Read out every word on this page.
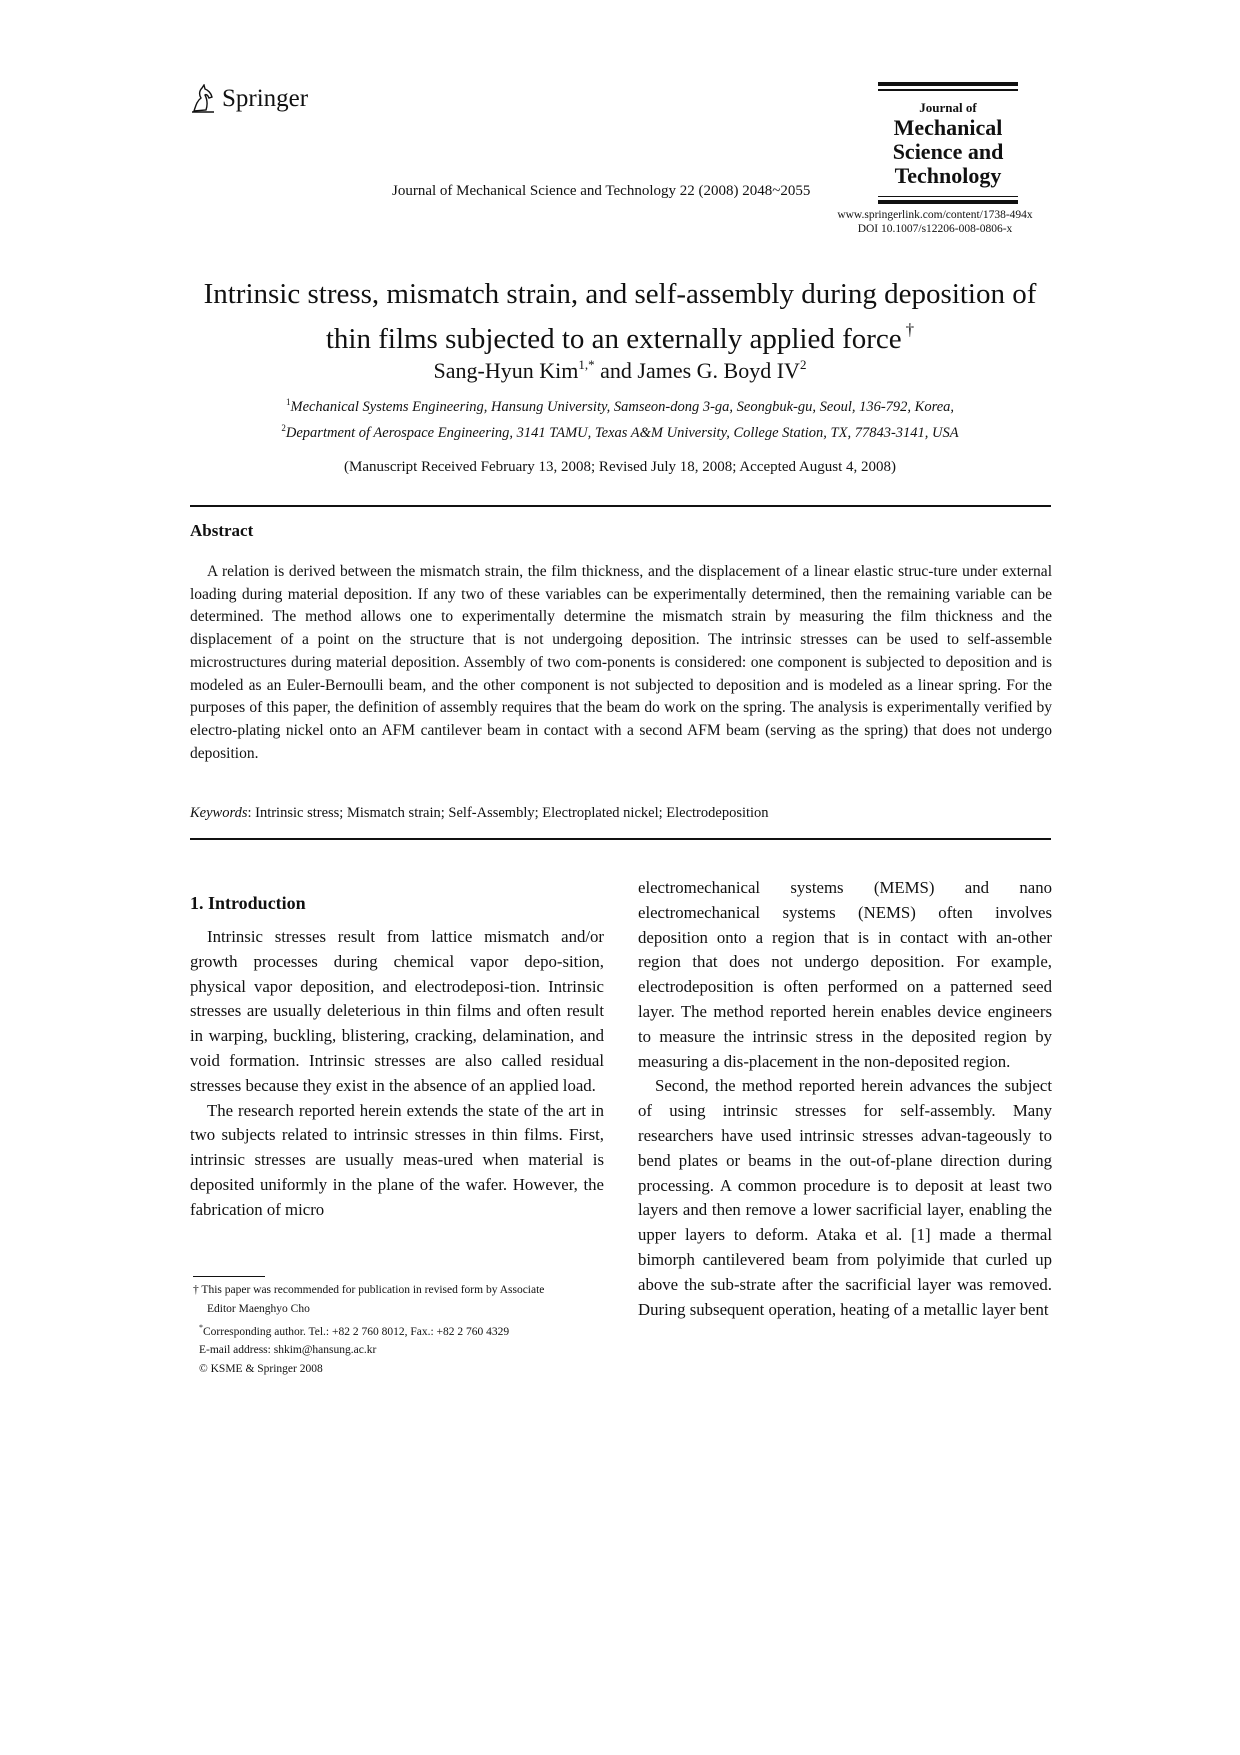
Springer	Journal of
Mechanical
Science and
Technology
Journal of Mechanical Science and Technology 22 (2008) 2048~2055
www.springerlink.com/content/1738-494x
DOI 10.1007/s12206-008-0806-x
Intrinsic stress, mismatch strain, and self-assembly during deposition of
thin films subjected to an externally applied force †
Sang-Hyun Kim$^{1,*}$ and James G. Boyd $IV^2$
$^1$Mechanical Systems Engineering, Hansung University, Samseon-dong 3-ga, Seongbuk-gu, Seoul, 136-792, Korea,
$^2$Department of Aerospace Engineering, 3141 TAMU, Texas A&M University, College Station, TX, 77843-3141, USA
(Manuscript Received February 13, 2008; Revised July 18, 2008; Accepted August 4, 2008)
Abstract

A relation is derived between the mismatch strain, the film thickness, and the displacement of a linear elastic struc-ture under external loading during material deposition. If any two of these variables can be experimentally determined, then the remaining variable can be determined. The method allows one to experimentally determine the mismatch strain by measuring the film thickness and the displacement of a point on the structure that is not undergoing deposition. The intrinsic stresses can be used to self-assemble microstructures during material deposition. Assembly of two com-ponents is considered: one component is subjected to deposition and is modeled as an Euler-Bernoulli beam, and the other component is not subjected to deposition and is modeled as a linear spring. For the purposes of this paper, the definition of assembly requires that the beam do work on the spring. The analysis is experimentally verified by electro-plating nickel onto an AFM cantilever beam in contact with a second AFM beam (serving as the spring) that does not undergo deposition.

Keywords: Intrinsic stress; Mismatch strain; Self-Assembly; Electroplated nickel; Electrodeposition
1. Introduction

Intrinsic stresses result from lattice mismatch and/or growth processes during chemical vapor depo-sition, physical vapor deposition, and electrodeposi-tion. Intrinsic stresses are usually deleterious in thin films and often result in warping, buckling, blistering, cracking, delamination, and void formation. Intrinsic stresses are also called residual stresses because they exist in the absence of an applied load.

The research reported herein extends the state of the art in two subjects related to intrinsic stresses in thin films. First, intrinsic stresses are usually meas-ured when material is deposited uniformly in the plane of the wafer. However, the fabrication of micro

electromechanical systems (MEMS) and nano electromechanical systems (NEMS) often involves deposition onto a region that is in contact with an-other region that does not undergo deposition. For example, electrodeposition is often performed on a patterned seed layer. The method reported herein enables device engineers to measure the intrinsic stress in the deposited region by measuring a dis-placement in the non-deposited region.

Second, the method reported herein advances the subject of using intrinsic stresses for self-assembly. Many researchers have used intrinsic stresses advan-tageously to bend plates or beams in the out-of-plane direction during processing. A common procedure is to deposit at least two layers and then remove a lower sacrificial layer, enabling the upper layers to deform. Ataka et al. [1] made a thermal bimorph cantilevered beam from polyimide that curled up above the sub-strate after the sacrificial layer was removed. During subsequent operation, heating of a metallic layer bent

† This paper was recommended for publication in revised form by Associate
Editor Maenghyo Cho
*Corresponding author. Tel.: +82 2 760 8012, Fax.: +82 2 760 4329
E-mail address: shkim@hansung.ac.kr
© KSME & Springer 2008
